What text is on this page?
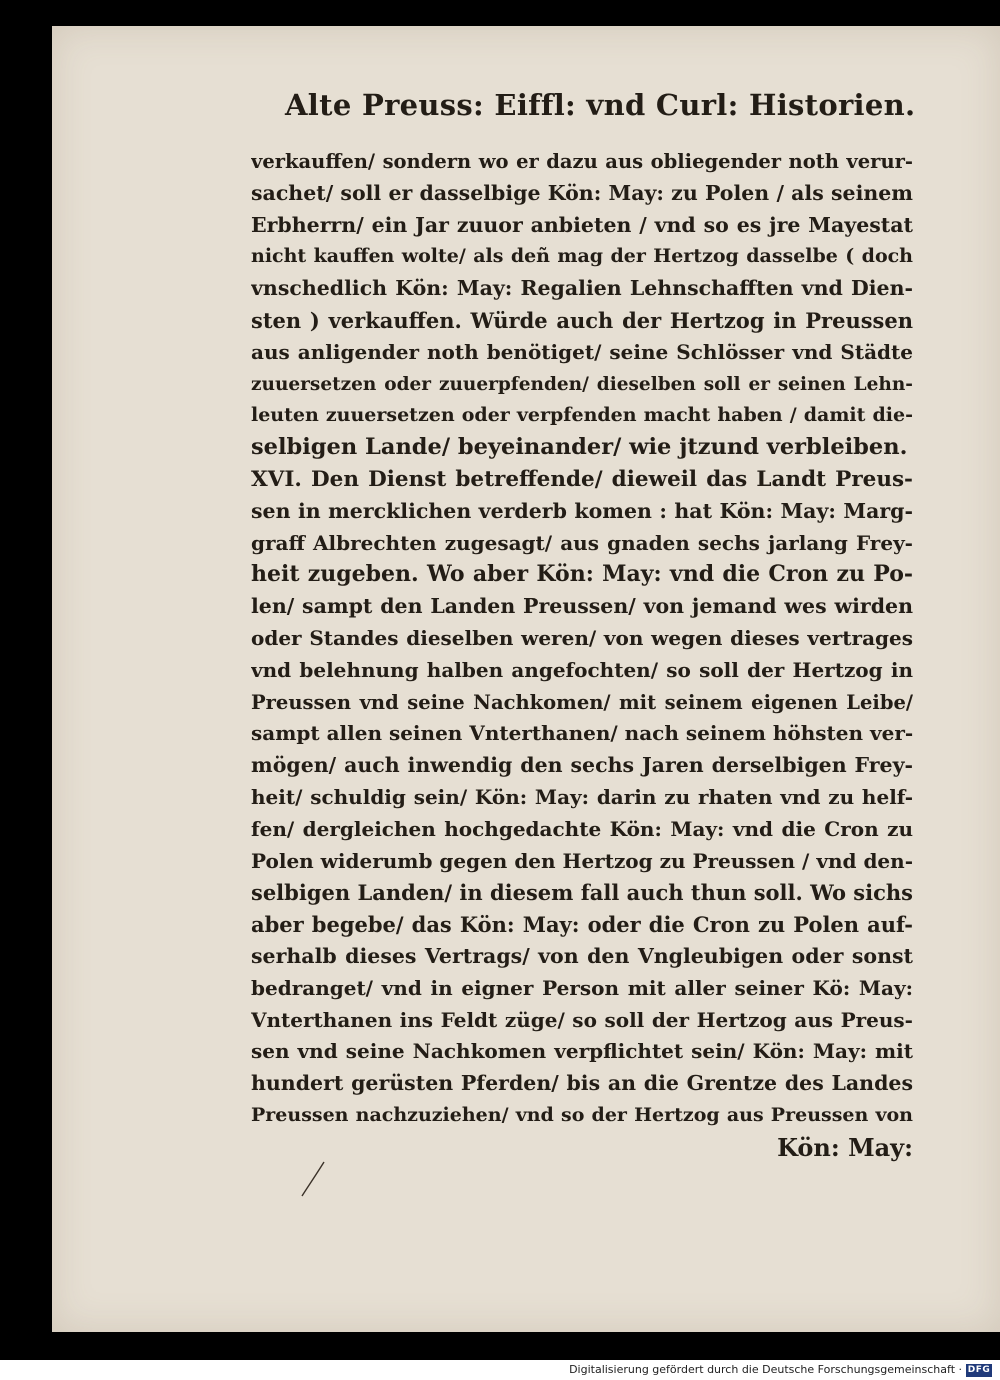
Alte Preuss: Eiffl: vnd Curl: Historien.
verkauffen/ sondern wo er dazu aus obliegender noth verur-
sachet/ soll er dasselbige Kön: May: zu Polen / als seinem
Erbherrn/ ein Jar zuuor anbieten / vnd so es jre Mayestat
nicht kauffen wolte/ als deñ mag der Hertzog dasselbe ( doch
vnschedlich Kön: May: Regalien Lehnschafften vnd Dien-
sten ) verkauffen. Würde auch der Hertzog in Preussen
aus anligender noth benötiget/ seine Schlösser vnd Städte
zuuersetzen oder zuuerpfenden/ dieselben soll er seinen Lehn-
leuten zuuersetzen oder verpfenden macht haben / damit die-
selbigen Lande/ beyeinander/ wie jtzund verbleiben.
XVI. Den Dienst betreffende/ dieweil das Landt Preus-
sen in mercklichen verderb komen : hat Kön: May: Marg-
graff Albrechten zugesagt/ aus gnaden sechs jarlang Frey-
heit zugeben. Wo aber Kön: May: vnd die Cron zu Po-
len/ sampt den Landen Preussen/ von jemand wes wirden
oder Standes dieselben weren/ von wegen dieses vertrages
vnd belehnung halben angefochten/ so soll der Hertzog in
Preussen vnd seine Nachkomen/ mit seinem eigenen Leibe/
sampt allen seinen Vnterthanen/ nach seinem höhsten ver-
mögen/ auch inwendig den sechs Jaren derselbigen Frey-
heit/ schuldig sein/ Kön: May: darin zu rhaten vnd zu helf-
fen/ dergleichen hochgedachte Kön: May: vnd die Cron zu
Polen widerumb gegen den Hertzog zu Preussen / vnd den-
selbigen Landen/ in diesem fall auch thun soll. Wo sichs
aber begebe/ das Kön: May: oder die Cron zu Polen auf-
serhalb dieses Vertrags/ von den Vngleubigen oder sonst
bedranget/ vnd in eigner Person mit aller seiner Kö: May:
Vnterthanen ins Feldt züge/ so soll der Hertzog aus Preus-
sen vnd seine Nachkomen verpflichtet sein/ Kön: May: mit
hundert gerüsten Pferden/ bis an die Grentze des Landes
Preussen nachzuziehen/ vnd so der Hertzog aus Preussen von
Kön: May:
Digitalisierung gefördert durch die Deutsche Forschungsgemeinschaft · DFG
